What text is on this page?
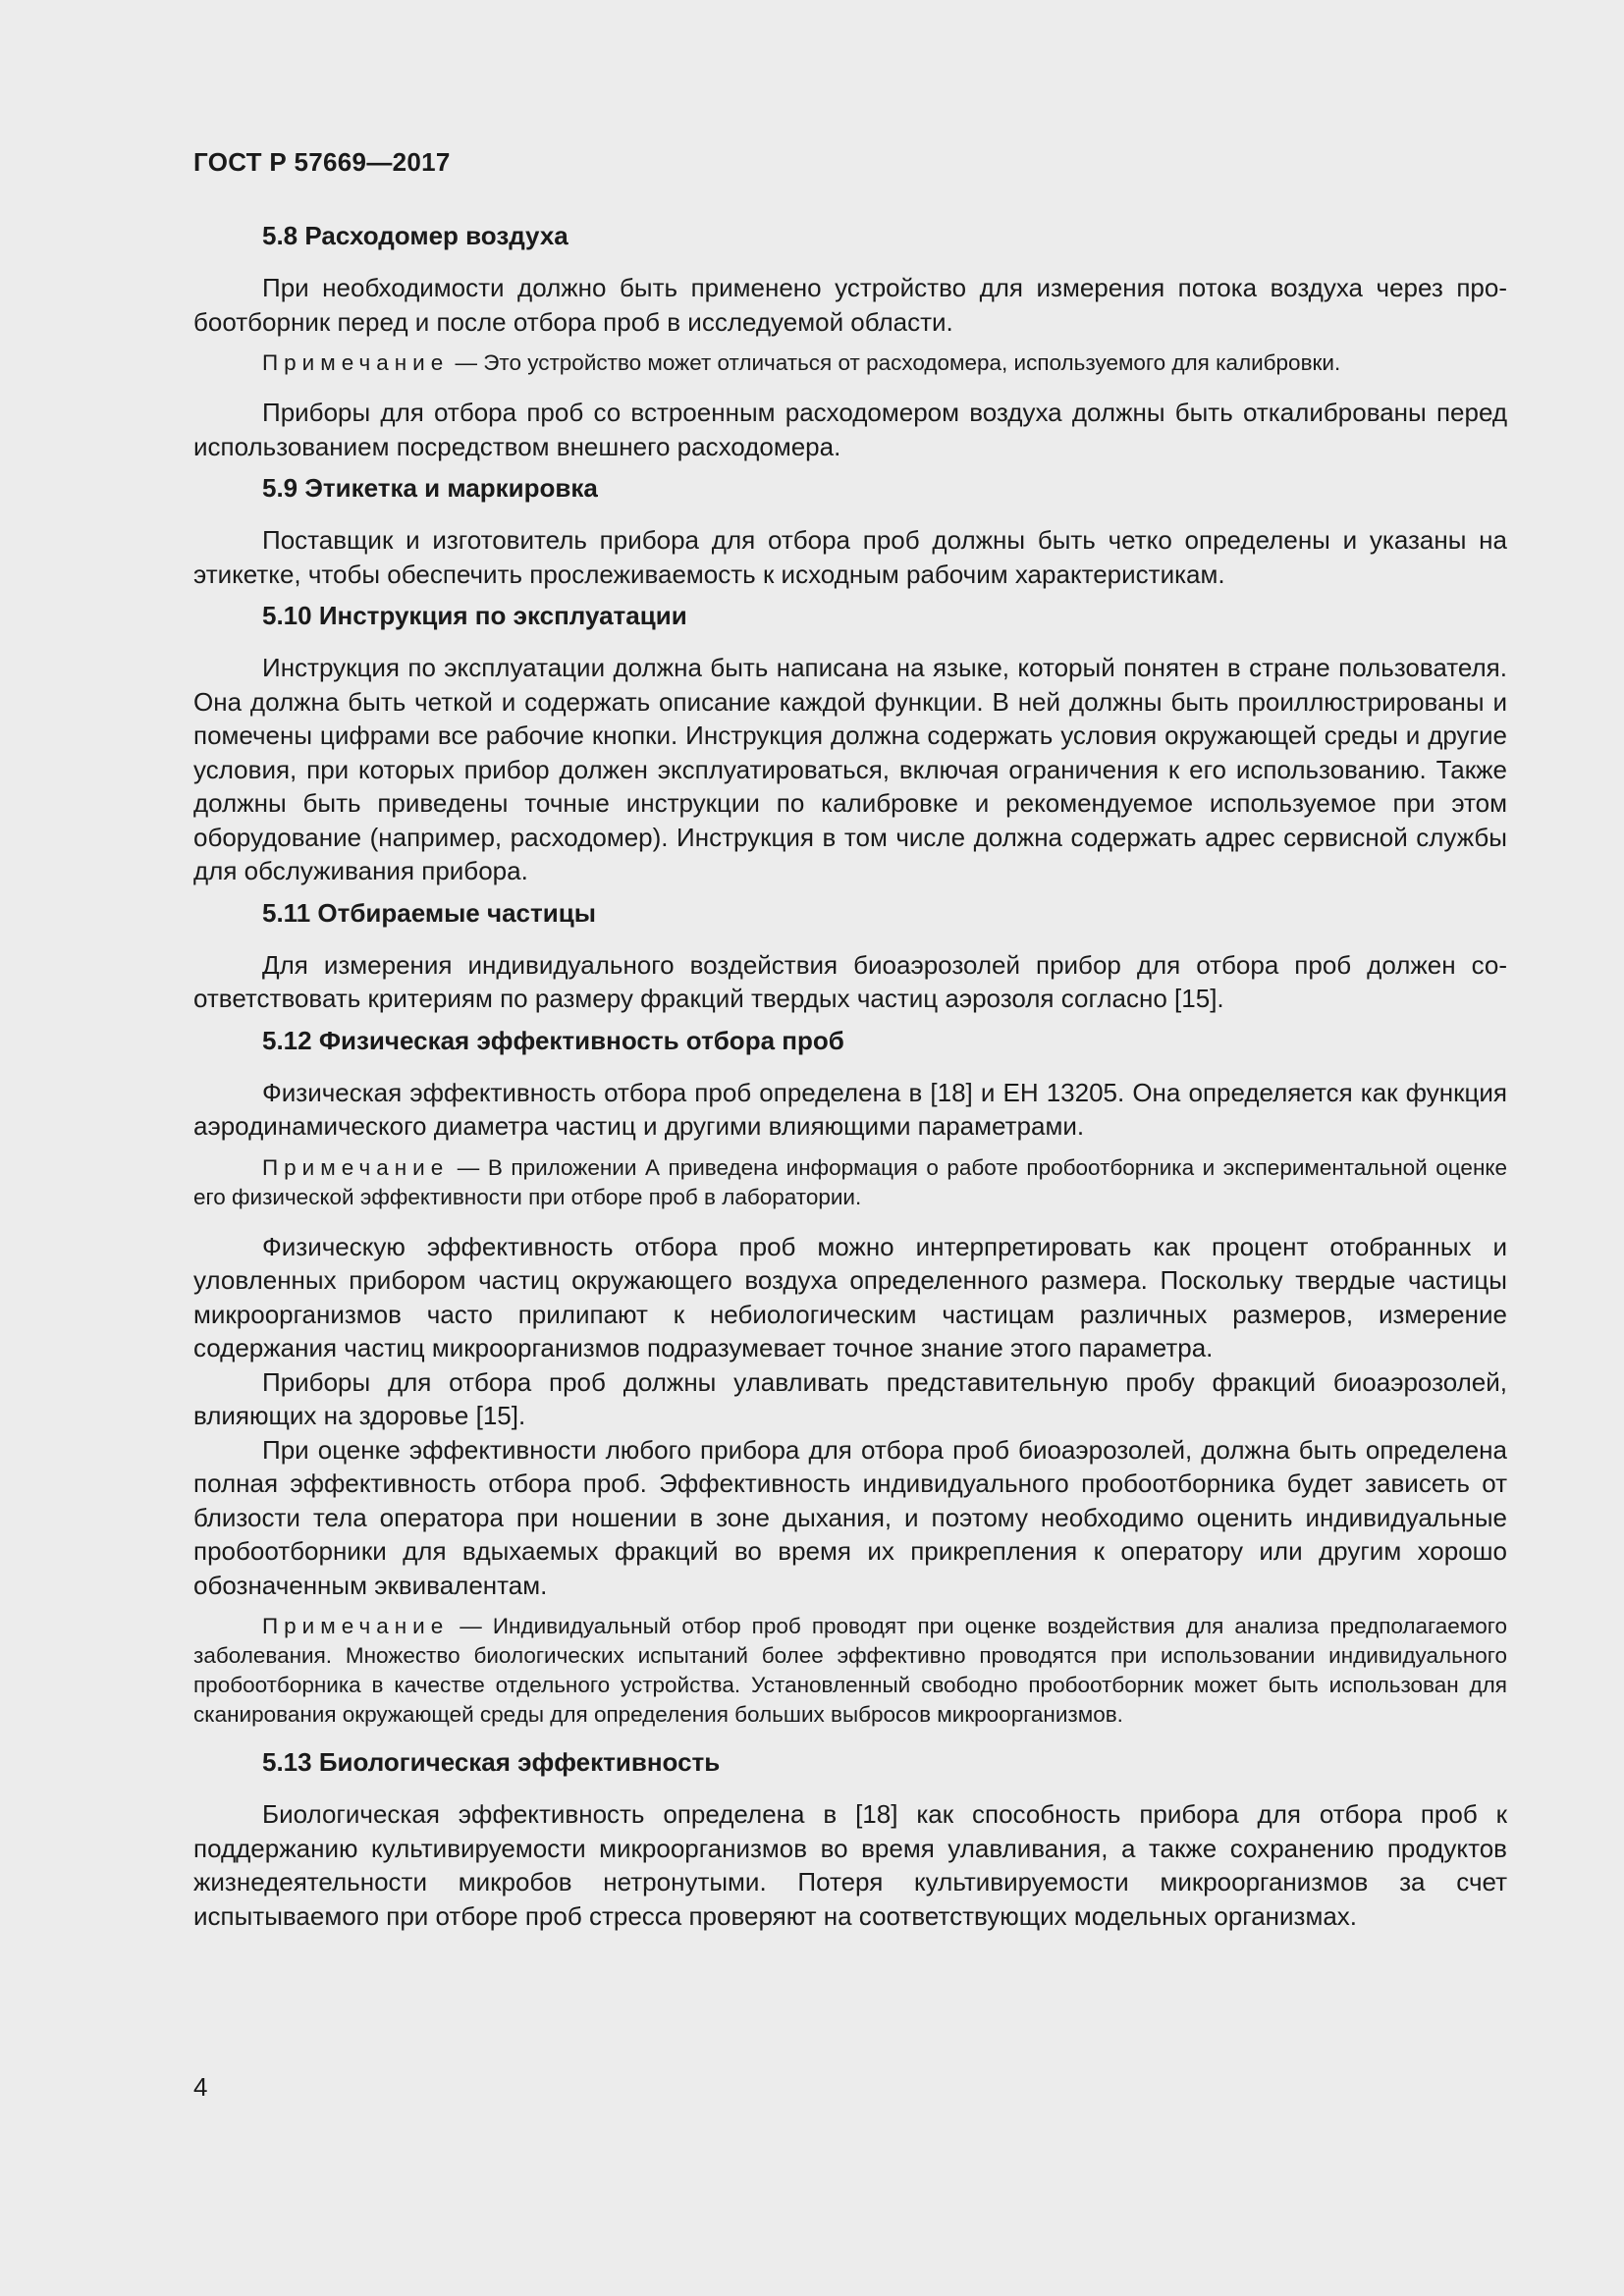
ГОСТ Р 57669—2017
5.8 Расходомер воздуха

При необходимости должно быть применено устройство для измерения потока воздуха через пробоотборник перед и после отбора проб в исследуемой области.

Примечание — Это устройство может отличаться от расходомера, используемого для калибровки.

Приборы для отбора проб со встроенным расходомером воздуха должны быть откалиброваны перед использованием посредством внешнего расходомера.

5.9 Этикетка и маркировка

Поставщик и изготовитель прибора для отбора проб должны быть четко определены и указаны на этикетке, чтобы обеспечить прослеживаемость к исходным рабочим характеристикам.

5.10 Инструкция по эксплуатации

Инструкция по эксплуатации должна быть написана на языке, который понятен в стране пользователя. Она должна быть четкой и содержать описание каждой функции. В ней должны быть проиллюстрированы и помечены цифрами все рабочие кнопки. Инструкция должна содержать условия окружающей среды и другие условия, при которых прибор должен эксплуатироваться, включая ограничения к его использованию. Также должны быть приведены точные инструкции по калибровке и рекомендуемое используемое при этом оборудование (например, расходомер). Инструкция в том числе должна содержать адрес сервисной службы для обслуживания прибора.

5.11 Отбираемые частицы

Для измерения индивидуального воздействия биоаэрозолей прибор для отбора проб должен соответствовать критериям по размеру фракций твердых частиц аэрозоля согласно [15].

5.12 Физическая эффективность отбора проб

Физическая эффективность отбора проб определена в [18] и ЕН 13205. Она определяется как функция аэродинамического диаметра частиц и другими влияющими параметрами.

Примечание — В приложении А приведена информация о работе пробоотборника и экспериментальной оценке его физической эффективности при отборе проб в лаборатории.

Физическую эффективность отбора проб можно интерпретировать как процент отобранных и уловленных прибором частиц окружающего воздуха определенного размера. Поскольку твердые частицы микроорганизмов часто прилипают к небиологическим частицам различных размеров, измерение содержания частиц микроорганизмов подразумевает точное знание этого параметра.

Приборы для отбора проб должны улавливать представительную пробу фракций биоаэрозолей, влияющих на здоровье [15].

При оценке эффективности любого прибора для отбора проб биоаэрозолей, должна быть определена полная эффективность отбора проб. Эффективность индивидуального пробоотборника будет зависеть от близости тела оператора при ношении в зоне дыхания, и поэтому необходимо оценить индивидуальные пробоотборники для вдыхаемых фракций во время их прикрепления к оператору или другим хорошо обозначенным эквивалентам.

Примечание — Индивидуальный отбор проб проводят при оценке воздействия для анализа предполагаемого заболевания. Множество биологических испытаний более эффективно проводятся при использовании индивидуального пробоотборника в качестве отдельного устройства. Установленный свободно пробоотборник может быть использован для сканирования окружающей среды для определения больших выбросов микроорганизмов.

5.13 Биологическая эффективность

Биологическая эффективность определена в [18] как способность прибора для отбора проб к поддержанию культивируемости микроорганизмов во время улавливания, а также сохранению продуктов жизнедеятельности микробов нетронутыми. Потеря культивируемости микроорганизмов за счет испытываемого при отборе проб стресса проверяют на соответствующих модельных организмах.

4
